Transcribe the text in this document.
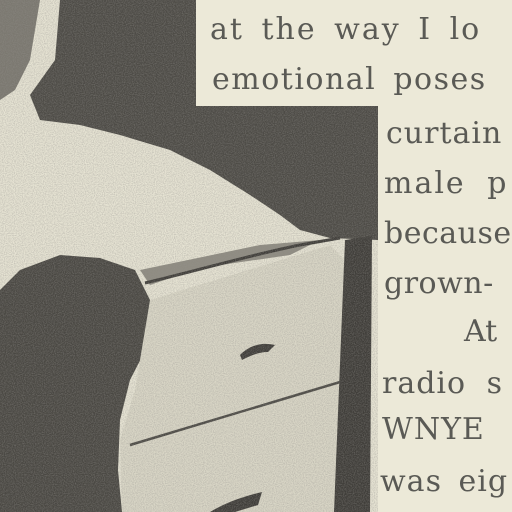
at the way I lo
emotional poses
curtain
male p
because
grown-
At
radio s
WNYE
was eig
